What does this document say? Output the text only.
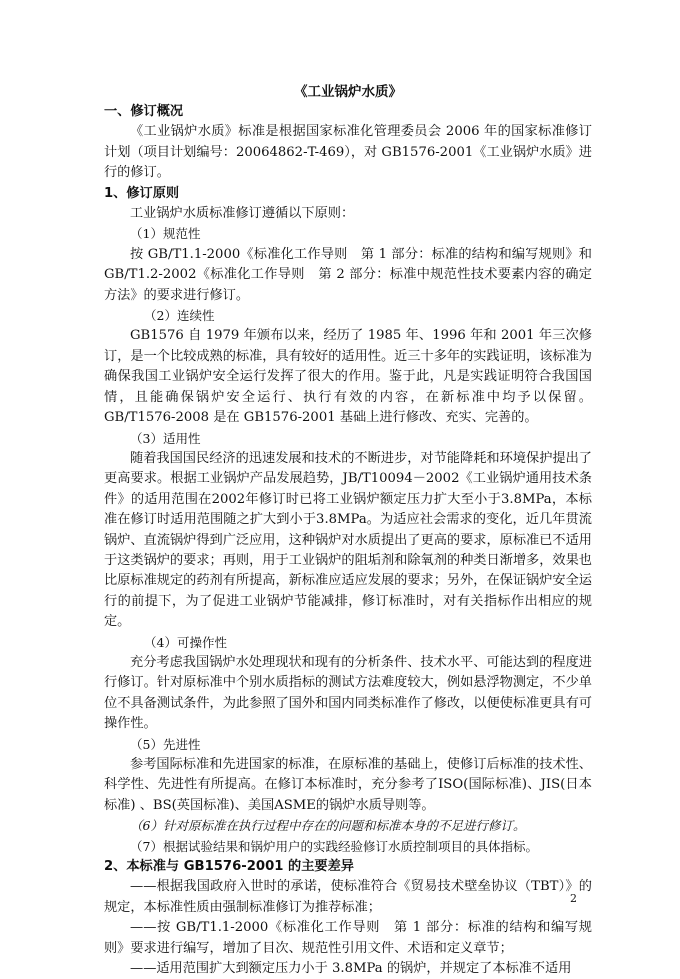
《工业锅炉水质》
一、修订概况

《工业锅炉水质》标准是根据国家标准化管理委员会 2006 年的国家标准修订计划（项目计划编号：20064862-T-469），对 GB1576-2001《工业锅炉水质》进行的修订。

1、修订原则

工业锅炉水质标准修订遵循以下原则：

（1）规范性

按 GB/T1.1-2000《标准化工作导则　第 1 部分：标准的结构和编写规则》和GB/T1.2-2002《标准化工作导则　第 2 部分：标准中规范性技术要素内容的确定方法》的要求进行修订。

（2）连续性

GB1576 自 1979 年颁布以来，经历了 1985 年、1996 年和 2001 年三次修订，是一个比较成熟的标准，具有较好的适用性。近三十多年的实践证明，该标准为确保我国工业锅炉安全运行发挥了很大的作用。鉴于此，凡是实践证明符合我国国情，且能确保锅炉安全运行、执行有效的内容，在新标准中均予以保留。GB/T1576-2008 是在 GB1576-2001 基础上进行修改、充实、完善的。

（3）适用性

随着我国国民经济的迅速发展和技术的不断进步，对节能降耗和环境保护提出了更高要求。根据工业锅炉产品发展趋势，JB/T10094－2002《工业锅炉通用技术条件》的适用范围在2002年修订时已将工业锅炉额定压力扩大至小于3.8MPa，本标准在修订时适用范围随之扩大到小于3.8MPa。为适应社会需求的变化，近几年贯流锅炉、直流锅炉得到广泛应用，这种锅炉对水质提出了更高的要求，原标准已不适用于这类锅炉的要求；再则，用于工业锅炉的阻垢剂和除氧剂的种类日渐增多，效果也比原标准规定的药剂有所提高，新标准应适应发展的要求；另外，在保证锅炉安全运行的前提下，为了促进工业锅炉节能减排，修订标准时，对有关指标作出相应的规定。

（4）可操作性

充分考虑我国锅炉水处理现状和现有的分析条件、技术水平、可能达到的程度进行修订。针对原标准中个别水质指标的测试方法难度较大，例如悬浮物测定，不少单位不具备测试条件，为此参照了国外和国内同类标准作了修改，以便使标准更具有可操作性。

（5）先进性

参考国际标准和先进国家的标准，在原标准的基础上，使修订后标准的技术性、科学性、先进性有所提高。在修订本标准时，充分参考了ISO(国际标准)、JIS(日本标准) 、BS(英国标准)、美国ASME的锅炉水质导则等。

（6）针对原标准在执行过程中存在的问题和标准本身的不足进行修订。
（7）根据试验结果和锅炉用户的实践经验修订水质控制项目的具体指标。
2、本标准与 GB1576-2001 的主要差异

——根据我国政府入世时的承诺，使标准符合《贸易技术壁垒协议（TBT）》的规定，本标准性质由强制标准修订为推荐标准；

——按 GB/T1.1-2000《标准化工作导则　第 1 部分：标准的结构和编写规则》要求进行编写，增加了目次、规范性引用文件、术语和定义章节；

——适用范围扩大到额定压力小于 3.8MPa 的锅炉，并规定了本标准不适用

2
